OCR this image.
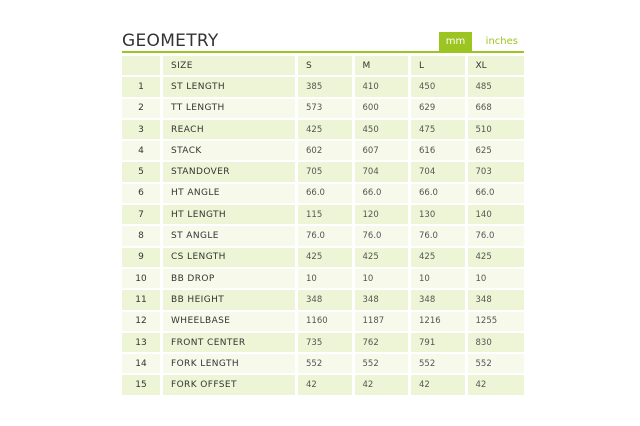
GEOMETRY	mm	inches
	SIZE	S	M	L	XL
1	ST LENGTH	385	410	450	485
2	TT LENGTH	573	600	629	668
3	REACH	425	450	475	510
4	STACK	602	607	616	625
5	STANDOVER	705	704	704	703
6	HT ANGLE	66.0	66.0	66.0	66.0
7	HT LENGTH	115	120	130	140
8	ST ANGLE	76.0	76.0	76.0	76.0
9	CS LENGTH	425	425	425	425
10	BB DROP	10	10	10	10
11	BB HEIGHT	348	348	348	348
12	WHEELBASE	1160	1187	1216	1255
13	FRONT CENTER	735	762	791	830
14	FORK LENGTH	552	552	552	552
15	FORK OFFSET	42	42	42	42
